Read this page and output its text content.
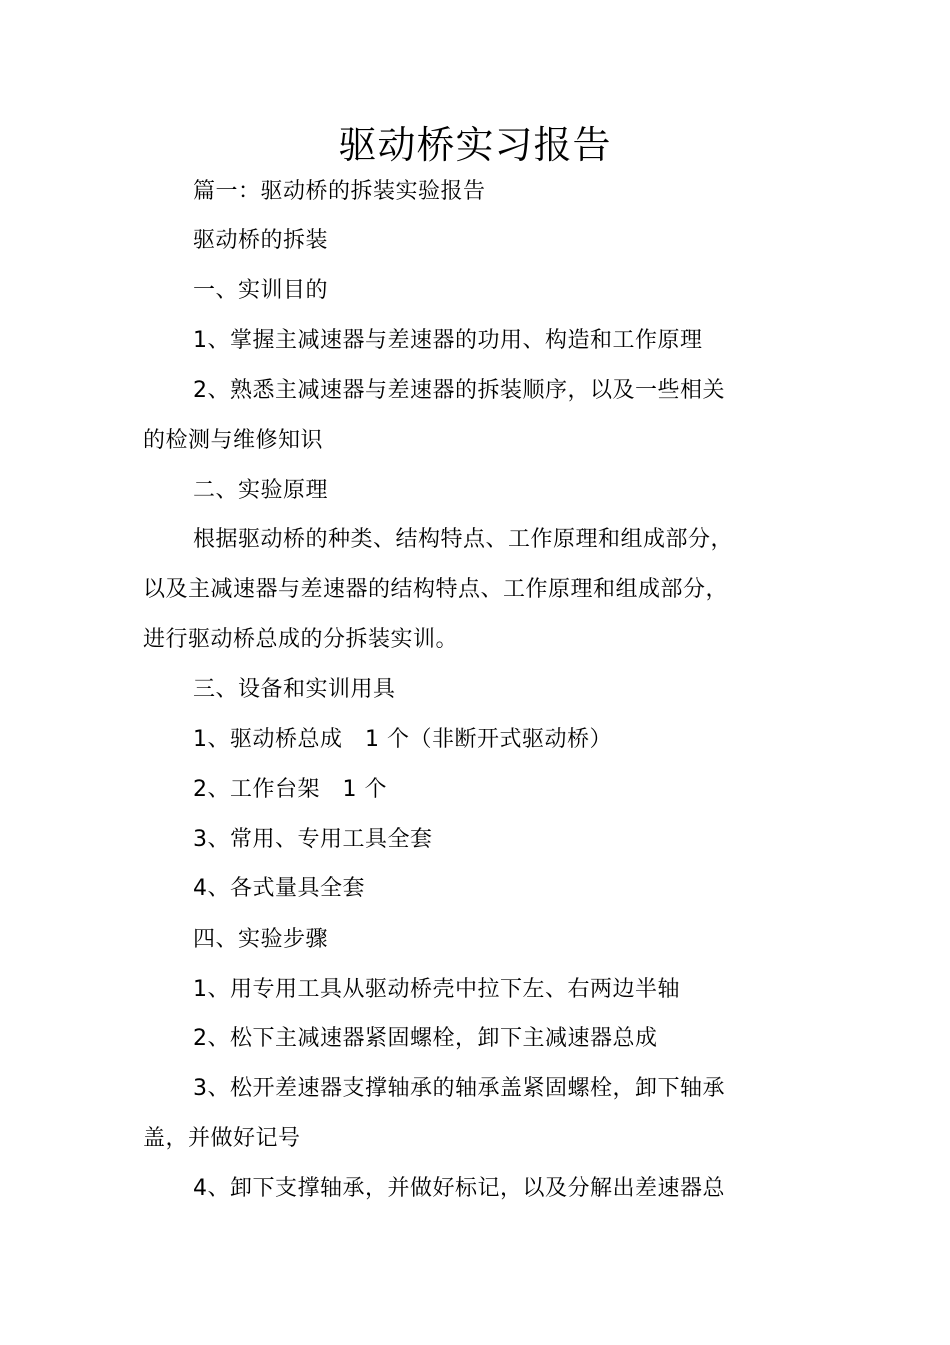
驱动桥实习报告
篇一：驱动桥的拆装实验报告
驱动桥的拆装
一、实训目的
1、掌握主减速器与差速器的功用、构造和工作原理
2、熟悉主减速器与差速器的拆装顺序，以及一些相关
的检测与维修知识
二、实验原理
根据驱动桥的种类、结构特点、工作原理和组成部分，
以及主减速器与差速器的结构特点、工作原理和组成部分，
进行驱动桥总成的分拆装实训。
三、设备和实训用具
1、驱动桥总成　1 个（非断开式驱动桥）
2、工作台架　1 个
3、常用、专用工具全套
4、各式量具全套
四、实验步骤
1、用专用工具从驱动桥壳中拉下左、右两边半轴
2、松下主减速器紧固螺栓，卸下主减速器总成
3、松开差速器支撑轴承的轴承盖紧固螺栓，卸下轴承
盖，并做好记号
4、卸下支撑轴承，并做好标记，以及分解出差速器总
